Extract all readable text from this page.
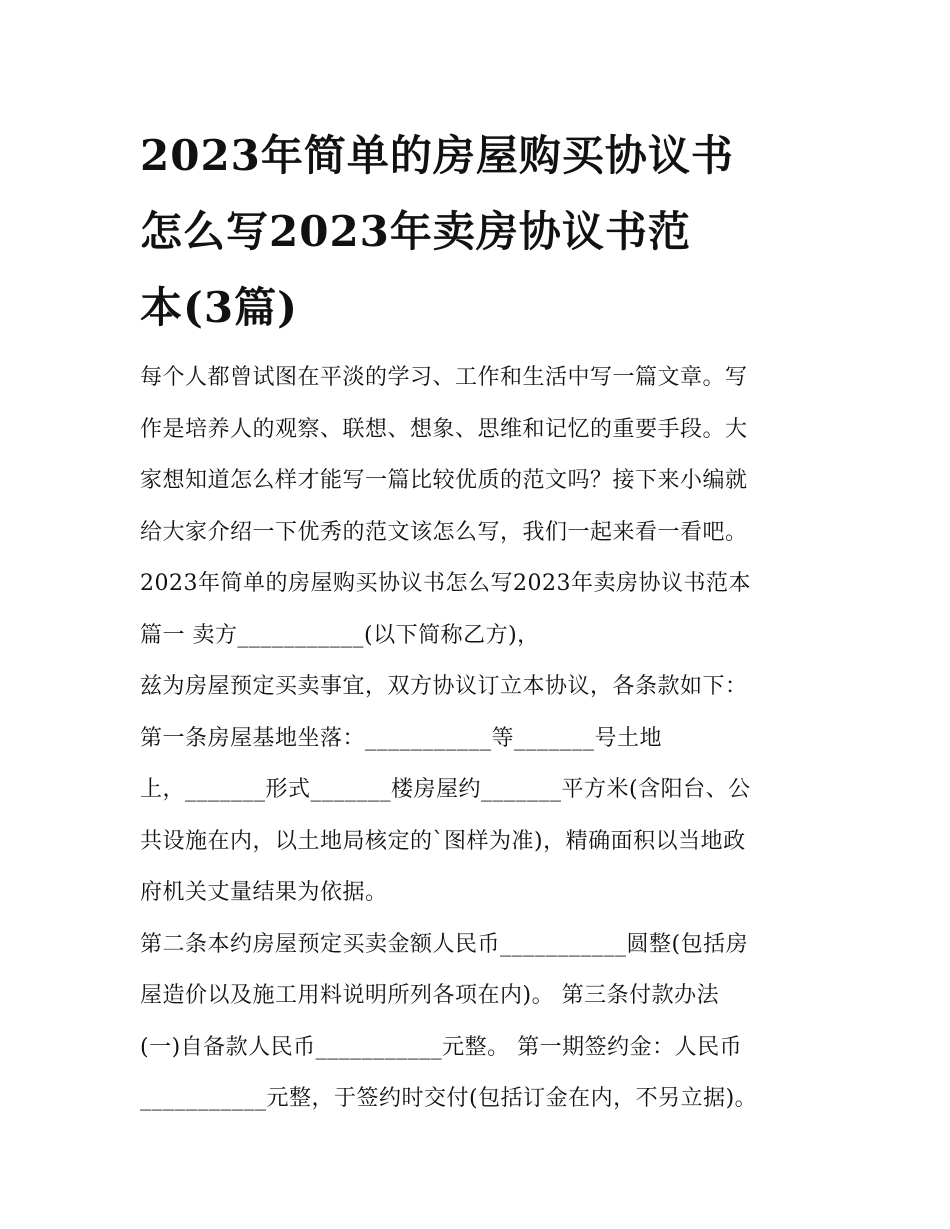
2023年简单的房屋购买协议书
怎么写2023年卖房协议书范
本(3篇)
每个人都曾试图在平淡的学习、工作和生活中写一篇文章。写
作是培养人的观察、联想、想象、思维和记忆的重要手段。大
家想知道怎么样才能写一篇比较优质的范文吗？接下来小编就
给大家介绍一下优秀的范文该怎么写，我们一起来看一看吧。
2023年简单的房屋购买协议书怎么写2023年卖房协议书范本
篇一 卖方___________(以下简称乙方)，
兹为房屋预定买卖事宜，双方协议订立本协议，各条款如下：
第一条房屋基地坐落：___________等_______号土地
上，_______形式_______楼房屋约_______平方米(含阳台、公
共设施在内，以土地局核定的`图样为准)，精确面积以当地政
府机关丈量结果为依据。
第二条本约房屋预定买卖金额人民币___________圆整(包括房
屋造价以及施工用料说明所列各项在内)。 第三条付款办法
(一)自备款人民币___________元整。 第一期签约金：人民币
___________元整，于签约时交付(包括订金在内，不另立据)。
